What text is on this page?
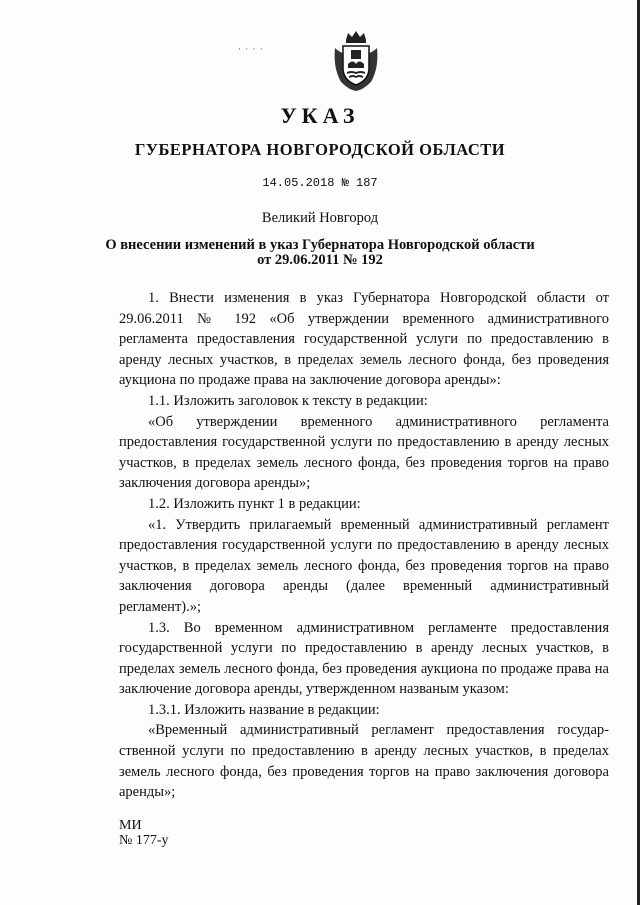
· · · ·
УКАЗ
ГУБЕРНАТОРА НОВГОРОДСКОЙ ОБЛАСТИ
14.05.2018 № 187
Великий Новгород
О внесении изменений в указ Губернатора Новгородской области
от 29.06.2011 № 192

1. Внести изменения в указ Губернатора Новгородской области от 29.06.2011 № 192 «Об утверждении временного административного регламента предоставления государственной услуги по предоставлению в аренду лесных участков, в пределах земель лесного фонда, без проведения аукциона по продаже права на заключение договора аренды»:

1.1. Изложить заголовок к тексту в редакции:

«Об утверждении временного административного регламента предоставления государственной услуги по предоставлению в аренду лесных участков, в пределах земель лесного фонда, без проведения торгов на право заключения договора аренды»;

1.2. Изложить пункт 1 в редакции:

«1. Утвердить прилагаемый временный административный регламент предоставления государственной услуги по предоставлению в аренду лесных участков, в пределах земель лесного фонда, без проведения торгов на право заключения договора аренды (далее временный административный регламент).»;

1.3. Во временном административном регламенте предоставления государственной услуги по предоставлению в аренду лесных участков, в пределах земель лесного фонда, без проведения аукциона по продаже права на заключение договора аренды, утвержденном названым указом:

1.3.1. Изложить название в редакции:

«Временный административный регламент предоставления государ-ственной услуги по предоставлению в аренду лесных участков, в пределах земель лесного фонда, без проведения торгов на право заключения договора аренды»;

МИ
№ 177-у
